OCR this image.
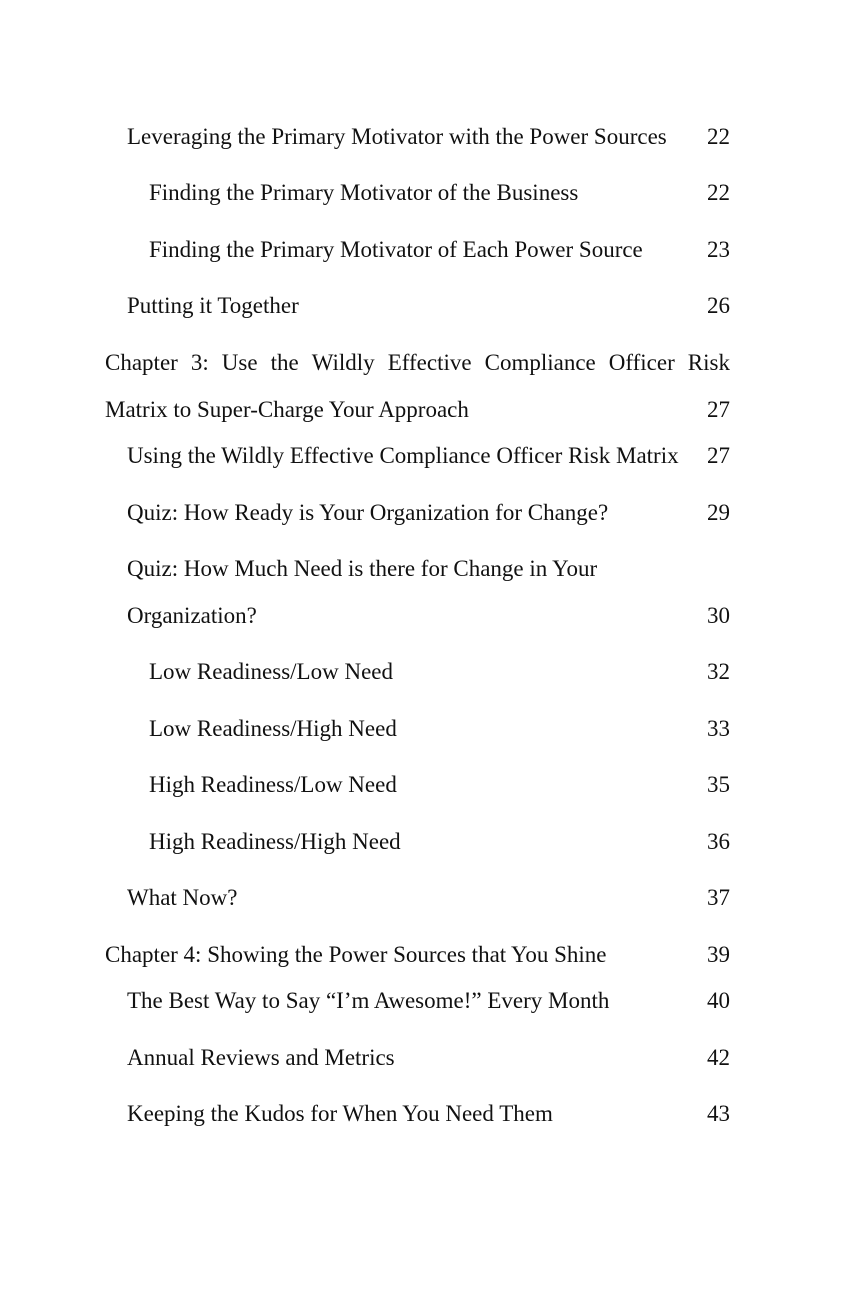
Leveraging the Primary Motivator with the Power Sources	22
Finding the Primary Motivator of the Business	22
Finding the Primary Motivator of Each Power Source	23
Putting it Together	26
Chapter 3: Use the Wildly Effective Compliance Officer Risk
Matrix to Super-Charge Your Approach	27
Using the Wildly Effective Compliance Officer Risk Matrix	27
Quiz: How Ready is Your Organization for Change?	29
Quiz: How Much Need is there for Change in Your
Organization?	30
Low Readiness/Low Need	32
Low Readiness/High Need	33
High Readiness/Low Need	35
High Readiness/High Need	36
What Now?	37
Chapter 4: Showing the Power Sources that You Shine	39
The Best Way to Say “I’m Awesome!” Every Month	40
Annual Reviews and Metrics	42
Keeping the Kudos for When You Need Them	43
